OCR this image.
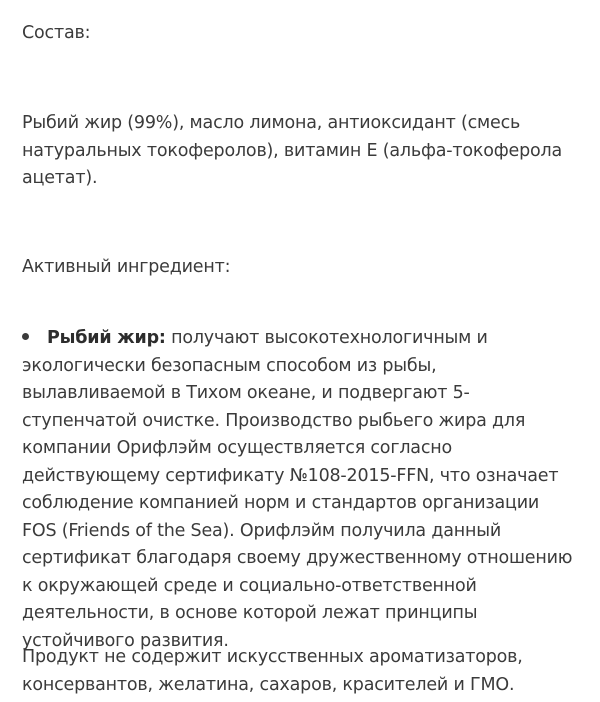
Состав:

Рыбий жир (99%), масло лимона, антиоксидант (смесь натуральных токоферолов), витамин Е (альфа-токоферола ацетат).

Активный ингредиент:

Рыбий жир: получают высокотехнологичным и экологически безопасным способом из рыбы, вылавливаемой в Тихом океане, и подвергают 5-ступенчатой очистке. Производство рыбьего жира для компании Орифлэйм осуществляется согласно действующему сертификату №108-2015-FFN, что означает соблюдение компанией норм и стандартов организации FOS (Friends of the Sea). Орифлэйм получила данный сертификат благодаря своему дружественному отношению к окружающей среде и социально-ответственной деятельности, в основе которой лежат принципы устойчивого развития.

Продукт не содержит искусственных ароматизаторов, консервантов, желатина, сахаров, красителей и ГМО.
